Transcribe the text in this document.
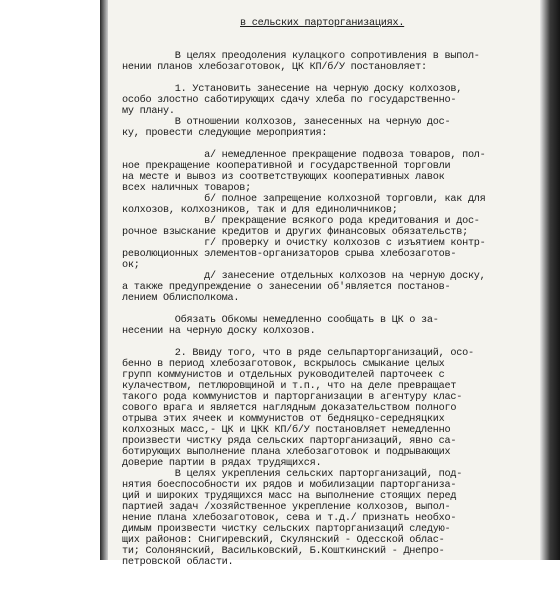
в сельских парторганизациях.

В целях преодоления кулацкого сопротивления в выпол-
нении планов хлебозаготовок, ЦК КП/б/У постановляет:

1. Установить занесение на черную доску колхозов,
особо злостно саботирующих сдачу хлеба по государственно-
му плану.
В отношении колхозов, занесенных на черную дос-
ку, провести следующие мероприятия:

а/ немедленное прекращение подвоза товаров, пол-
ное прекращение кооперативной и государственной торговли
на месте и вывоз из соответствующих кооперативных лавок
всех наличных товаров;
б/ полное запрещение колхозной торговли, как для
колхозов, колхозников, так и для единоличников;
в/ прекращение всякого рода кредитования и дос-
рочное взыскание кредитов и других финансовых обязательств;
г/ проверку и очистку колхозов с изъятием контр-
революционных элементов-организаторов срыва хлебозаготов-
ок;
д/ занесение отдельных колхозов на черную доску,
а также предупреждение о занесении об'является постанов-
лением Облисполкома.

Обязать Обкомы немедленно сообщать в ЦК о за-
несении на черную доску колхозов.

2. Ввиду того, что в ряде сельпарторганизаций, осо-
бенно в период хлебозаготовок, вскрылось смыкание целых
групп коммунистов и отдельных руководителей парточеек с
кулачеством, петлюровщиной и т.п., что на деле превращает
такого рода коммунистов и парторганизации в агентуру клас-
сового врага и является наглядным доказательством полного
отрыва этих ячеек и коммунистов от бедняцко-середняцких
колхозных масс,- ЦК и ЦКК КП/б/У постановляет немедленно
произвести чистку ряда сельских парторганизаций, явно са-
ботирующих выполнение плана хлебозаготовок и подрывающих
доверие партии в рядах трудящихся.
В целях укрепления сельских парторганизаций, под-
нятия боеспособности их рядов и мобилизации парторганиза-
ций и широких трудящихся масс на выполнение стоящих перед
партией задач /хозяйственное укрепление колхозов, выпол-
нение плана хлебозаготовок, сева и т.д./ признать необхо-
димым произвести чистку сельских парторганизаций следую-
щих районов: Снигиревский, Скулянский - Одесской облас-
ти; Солонянский, Васильковский, Б.Кошткинский - Днепро-
петровской области.
